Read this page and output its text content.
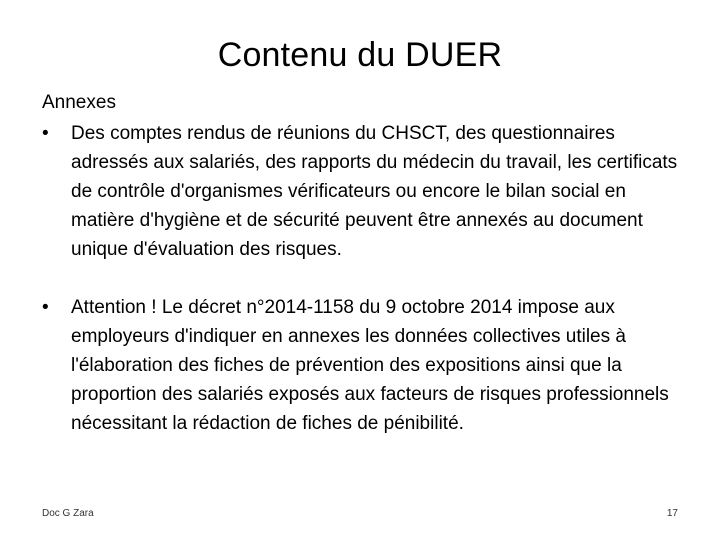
Contenu du DUER

Annexes

•	Des comptes rendus de réunions du CHSCT, des questionnaires adressés aux salariés, des rapports du médecin du travail, les certificats de contrôle d'organismes vérificateurs ou encore le bilan social en matière d'hygiène et de sécurité peuvent être annexés au document unique d'évaluation des risques.

•	Attention ! Le décret n°2014-1158 du 9 octobre 2014 impose aux employeurs d'indiquer en annexes les données collectives utiles à l'élaboration des fiches de prévention des expositions ainsi que la proportion des salariés exposés aux facteurs de risques professionnels nécessitant la rédaction de fiches de pénibilité.

Doc G Zara	17
